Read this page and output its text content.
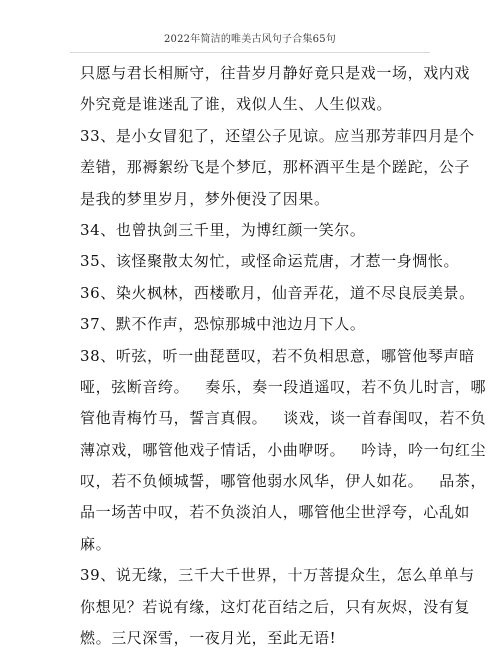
2022年简洁的唯美古风句子合集65句
只愿与君长相厮守，往昔岁月静好竟只是戏一场，戏内戏
外究竟是谁迷乱了谁，戏似人生、人生似戏。
33、是小女冒犯了，还望公子见谅。应当那芳菲四月是个
差错，那褥絮纷飞是个梦厄，那杯酒平生是个蹉跎，公子
是我的梦里岁月，梦外便没了因果。
34、也曾执剑三千里，为博红颜一笑尔。
35、该怪聚散太匆忙，或怪命运荒唐，才惹一身惆怅。
36、染火枫林，西楼歌月，仙音弄花，道不尽良辰美景。
37、默不作声，恐惊那城中池边月下人。
38、听弦，听一曲琵琶叹，若不负相思意，哪管他琴声暗
哑，弦断音绔。   奏乐，奏一段逍遥叹，若不负儿时言，哪
管他青梅竹马，誓言真假。   谈戏，谈一首春闺叹，若不负
薄凉戏，哪管他戏子情话，小曲咿呀。   吟诗，吟一句红尘
叹，若不负倾城誓，哪管他弱水风华，伊人如花。   品茶，
品一场苦中叹，若不负淡泊人，哪管他尘世浮夸，心乱如
麻。
39、说无缘，三千大千世界，十万菩提众生，怎么单单与
你想见？若说有缘，这灯花百结之后，只有灰烬，没有复
燃。三尺深雪，一夜月光，至此无语!
